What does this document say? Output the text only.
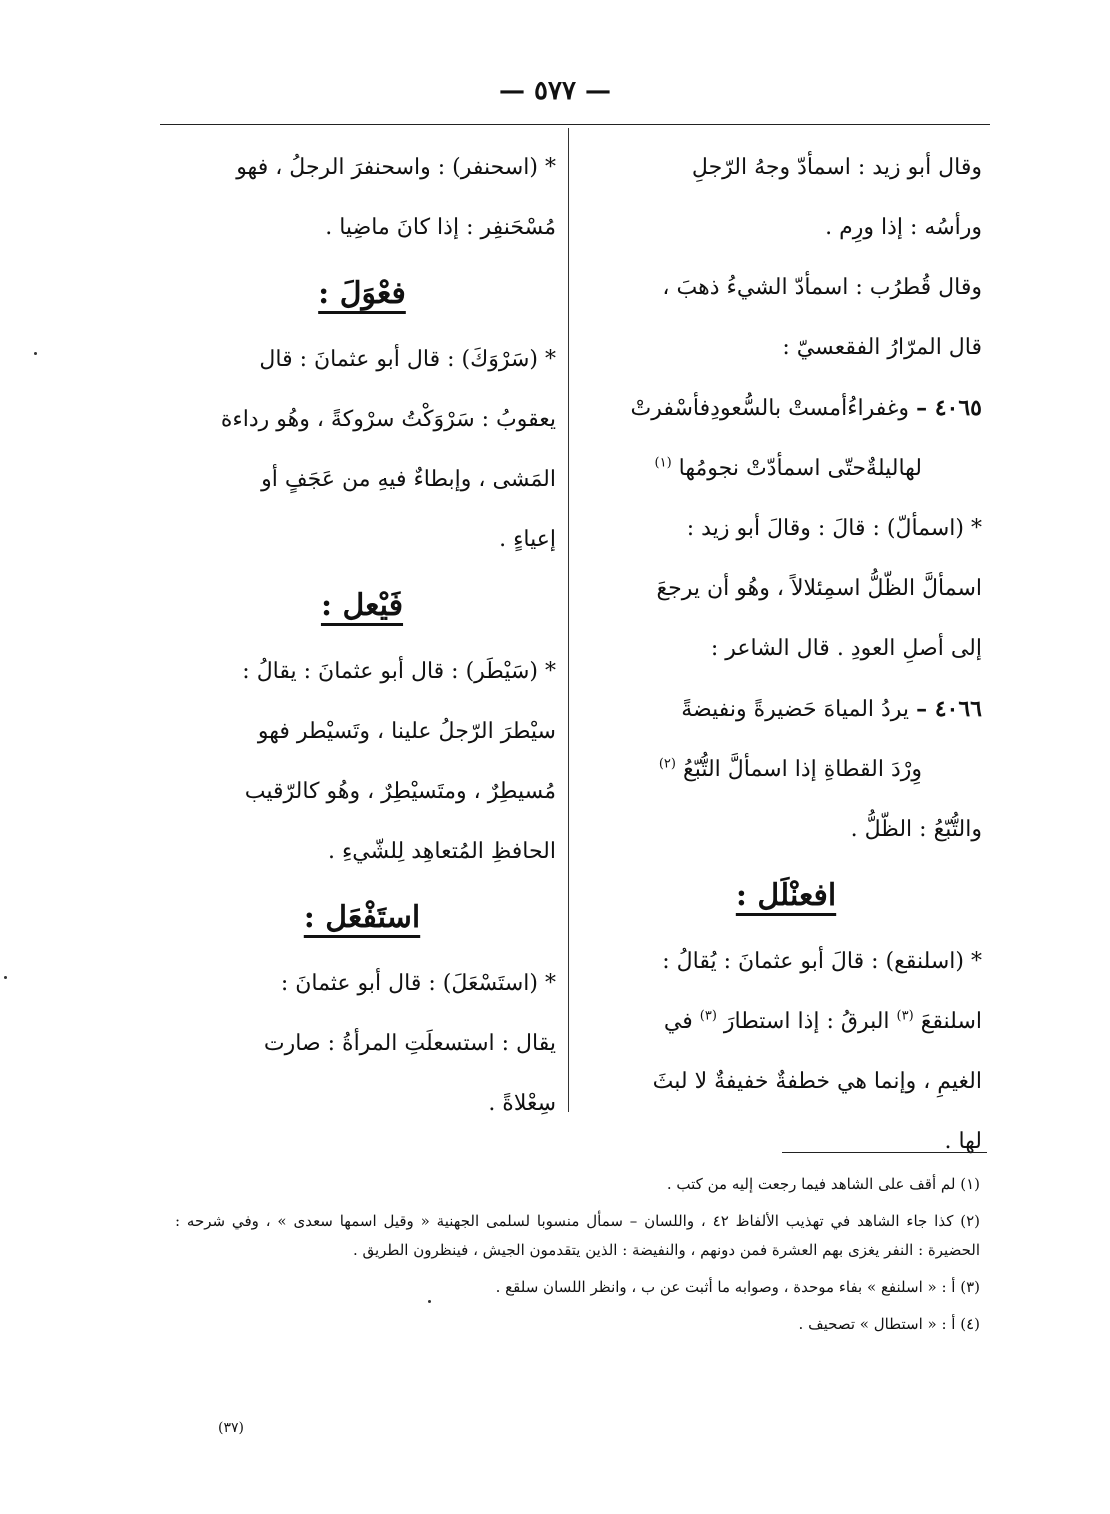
— ٥٧٧ —

وقال أبو زيد : اسمأدّ وجهُ الرّجلِ
ورأسُه : إذا ورِم .

وقال قُطرُب : اسمأدّ الشيءُ ذهبَ ،
قال المرّارُ الفقعسيّ :

٤٠٦٥ – وغفراءُأمستْ بالسُّعودِفأسْفرتْ
لهاليلةٌحتّى اسمأدّتْ نجومُها $^{(١)}$

* (اسمألّ) : قالَ : وقالَ أبو زيد :
اسمألَّ الظّلُّ اسمِئلالاً ، وهُو أن يرجعَ
إلى أصلِ العودِ . قال الشاعر :

٤٠٦٦ – يردُ المياهَ حَضيرةً ونفيضةً
وِرْدَ القطاةِ إذا اسمألَّ التُّبّعُ $^{(٢)}$

والتُّبّعُ : الظّلُّ .

افعنْلَل :

* (اسلنقع) : قالَ أبو عثمانَ : يُقالُ :
اسلنقعَ $^{(٣)}$ البرقُ : إذا استطارَ $^{(٣)}$ في
الغيمِ ، وإنما هي خطفةٌ خفيفةٌ لا لبثَ
لها .

* (اسحنفر) : واسحنفرَ الرجلُ ، فهو
مُسْحَنفِر : إذا كانَ ماضِيا .

فعْوَلَ :

* (سَرْوَكَ) : قال أبو عثمانَ : قال
يعقوبُ : سَرْوَكْتُ سرْوكةً ، وهُو رداءة
المَشى ، وإبطاءٌ فيهِ من عَجَفٍ أو
إعياءٍ .

فَيْعل :

* (سَيْطَر) : قال أبو عثمانَ : يقالُ :
سيْطرَ الرّجلُ علينا ، وتَسيْطر فهو
مُسيطِرٌ ، ومتَسيْطِرٌ ، وهُو كالرّقيب
الحافظِ المُتعاهِد لِلشّيءِ .

استَفْعَل :

* (استَسْعَلَ) : قال أبو عثمانَ :
يقال : استسعلَتِ المرأةُ : صارت
سِعْلاةً .

(١) لم أقف على الشاهد فيما رجعت إليه من كتب .

(٢) كذا جاء الشاهد في تهذيب الألفاظ ٤٢ ، واللسان – سمأل منسوبا لسلمى الجهنية « وقيل اسمها سعدى » ، وفي شرحه : الحضيرة : النفر يغزى بهم العشرة فمن دونهم ، والنفيضة : الذين يتقدمون الجيش ، فينظرون الطريق .

(٣) أ : « اسلنفع » بفاء موحدة ، وصوابه ما أثبت عن ب ، وانظر اللسان سلقع .

(٤) أ : « استطال » تصحيف .

(٣٧)
